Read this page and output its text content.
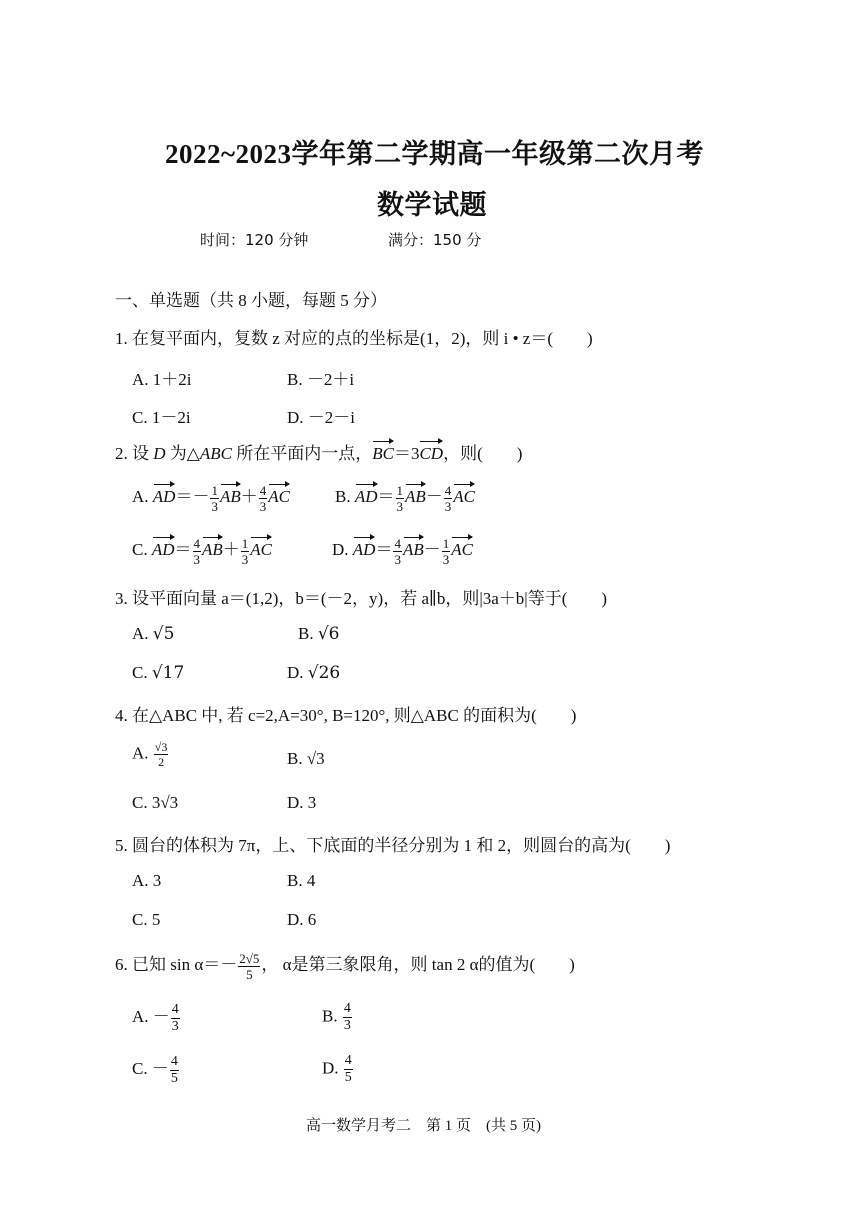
2022~2023学年第二学期高一年级第二次月考
数学试题
时间：120 分钟	满分：150 分
一、单选题（共 8 小题，每题 5 分）
1. 在复平面内，复数 z 对应的点的坐标是(1，2)，则 i • z＝(　　)
A. 1＋2i	B. －2＋i
C. 1－2i	D. －2－i
2. 设 D 为△ABC 所在平面内一点，BC＝3CD，则(　　)
A. $AD=- \frac{1}{3} AB+ \frac{4}{3}$ AC	B. $AD= \frac{1}{3} AB- \frac{4}{3}$ AC
C. $AD= \frac{4}{3} AB+ \frac{1}{3}$ AC	D. $AD= \frac{4}{3} AB- \frac{1}{3}$ AC
3. 设平面向量 a＝(1,2)，b＝(－2，y)，若 a∥b，则|3a＋b|等于(　　)
A. √5	B. √6
C. √17	D. √26
4. 在△ABC 中, 若 c=2,A=30°, B=120°, 则△ABC 的面积为(　　)
A. $\frac{√3}{2}$	B. √3
C. 3√3	D. 3
5. 圆台的体积为 7π，上、下底面的半径分别为 1 和 2，则圆台的高为(　　)
A. 3	B. 4
C. 5	D. 6
6. 已知 $\sin \alpha=- \frac{2√5}{5}$ ， α是第三象限角，则 tan 2 α的值为(　　)
A. － $\frac{4}{3}$	B. $\frac{4}{3}$
C. － $\frac{4}{5}$	D. $\frac{4}{5}$
高一数学月考二　第 1 页　(共 5 页)
